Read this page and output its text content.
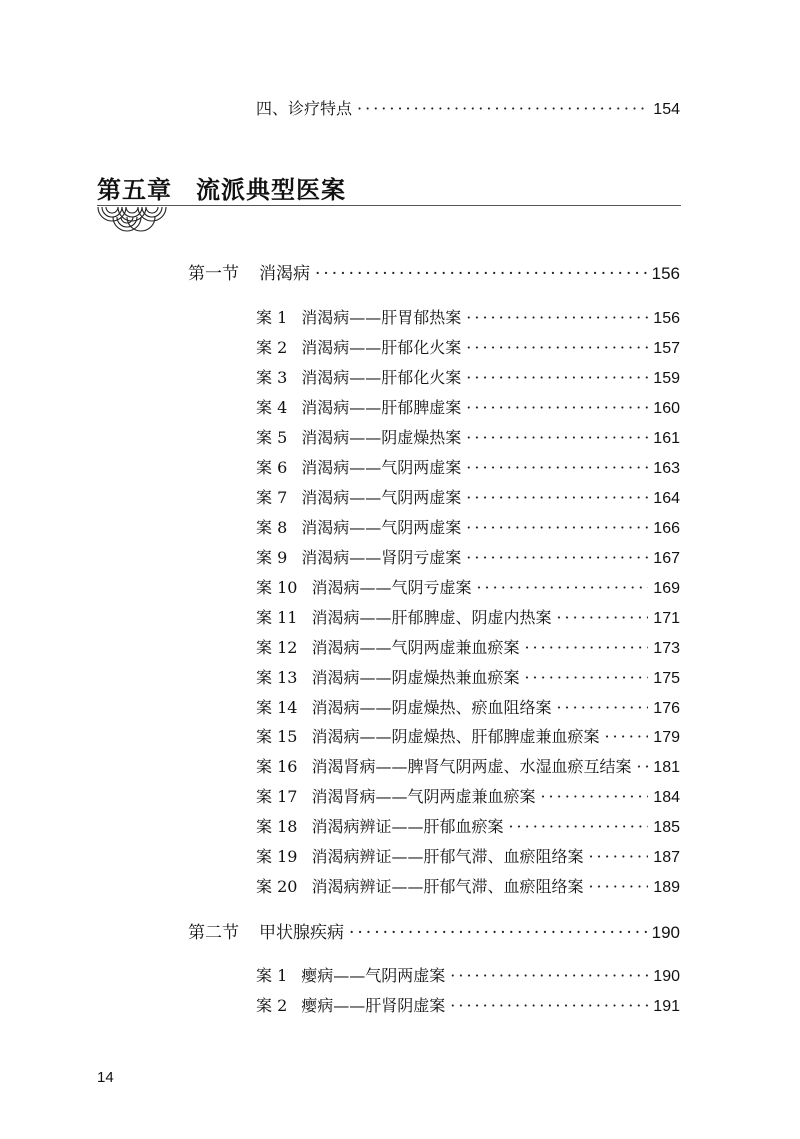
四、诊疗特点 ·····	154
第五章 流派典型医案
第一节 消渴病 ·····	156
案 1 消渴病——肝胃郁热案 ·····	156
案 2 消渴病——肝郁化火案 ·····	157
案 3 消渴病——肝郁化火案 ·····	159
案 4 消渴病——肝郁脾虚案 ·····	160
案 5 消渴病——阴虚燥热案 ·····	161
案 6 消渴病——气阴两虚案 ·····	163
案 7 消渴病——气阴两虚案 ·····	164
案 8 消渴病——气阴两虚案 ·····	166
案 9 消渴病——肾阴亏虚案 ·····	167
案 10 消渴病——气阴亏虚案 ·····	169
案 11 消渴病——肝郁脾虚、阴虚内热案 ·····	171
案 12 消渴病——气阴两虚兼血瘀案 ·····	173
案 13 消渴病——阴虚燥热兼血瘀案 ·····	175
案 14 消渴病——阴虚燥热、瘀血阻络案 ·····	176
案 15 消渴病——阴虚燥热、肝郁脾虚兼血瘀案 ·····	179
案 16 消渴肾病——脾肾气阴两虚、水湿血瘀互结案 ····· 181
案 17 消渴肾病——气阴两虚兼血瘀案 ·····	184
案 18 消渴病辨证——肝郁血瘀案 ·····	185
案 19 消渴病辨证——肝郁气滞、血瘀阻络案 ·····	187
案 20 消渴病辨证——肝郁气滞、血瘀阻络案 ·····	189
第二节 甲状腺疾病 ·····	190
案 1 瘿病——气阴两虚案 ·····	190
案 2 瘿病——肝肾阴虚案 ·····	191
14
